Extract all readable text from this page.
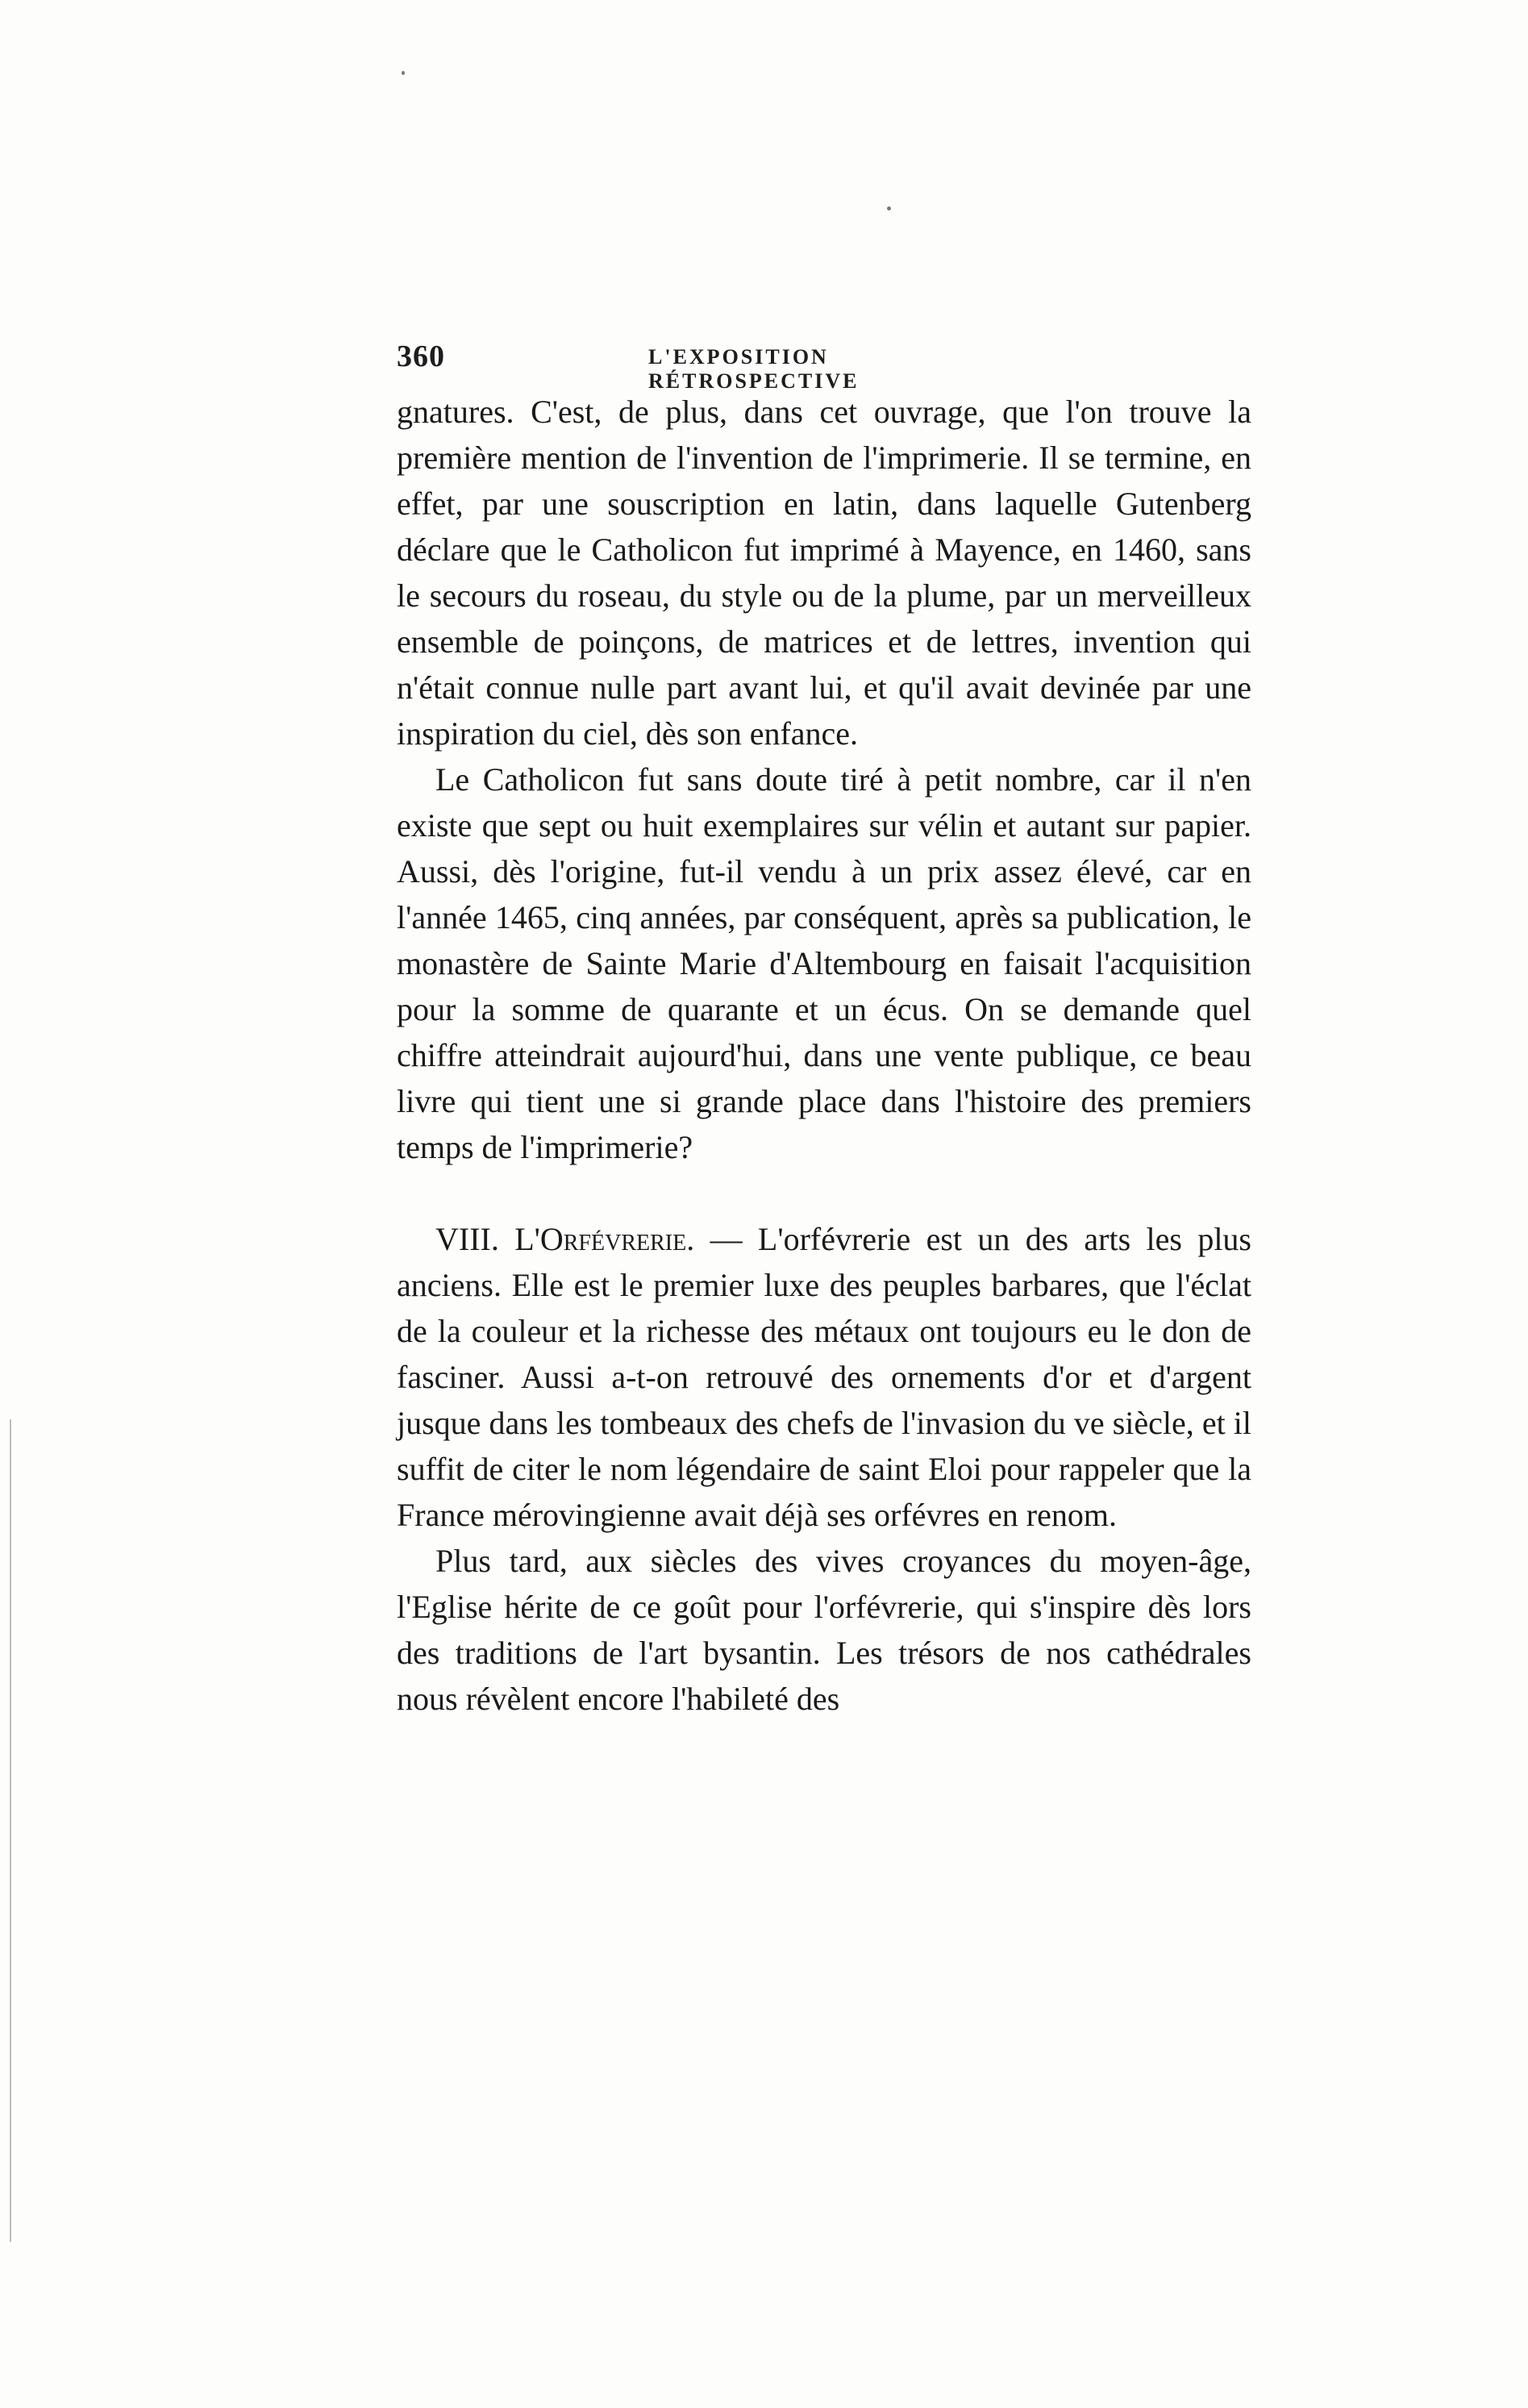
360	L'EXPOSITION RÉTROSPECTIVE

gnatures. C'est, de plus, dans cet ouvrage, que l'on trouve la première mention de l'invention de l'imprimerie. Il se termine, en effet, par une souscription en latin, dans laquelle Gutenberg déclare que le Catholicon fut imprimé à Mayence, en 1460, sans le secours du roseau, du style ou de la plume, par un merveilleux ensemble de poinçons, de matrices et de lettres, invention qui n'était connue nulle part avant lui, et qu'il avait devinée par une inspiration du ciel, dès son enfance.

Le Catholicon fut sans doute tiré à petit nombre, car il n'en existe que sept ou huit exemplaires sur vélin et autant sur papier. Aussi, dès l'origine, fut-il vendu à un prix assez élevé, car en l'année 1465, cinq années, par conséquent, après sa publication, le monastère de Sainte Marie d'Altembourg en faisait l'acquisition pour la somme de quarante et un écus. On se demande quel chiffre atteindrait aujourd'hui, dans une vente publique, ce beau livre qui tient une si grande place dans l'histoire des premiers temps de l'imprimerie?

VIII. L'Orfévrerie. — L'orfévrerie est un des arts les plus anciens. Elle est le premier luxe des peuples barbares, que l'éclat de la couleur et la richesse des métaux ont toujours eu le don de fasciner. Aussi a-t-on retrouvé des ornements d'or et d'argent jusque dans les tombeaux des chefs de l'invasion du ve siècle, et il suffit de citer le nom légendaire de saint Eloi pour rappeler que la France mérovingienne avait déjà ses orfévres en renom.

Plus tard, aux siècles des vives croyances du moyen-âge, l'Eglise hérite de ce goût pour l'orfévrerie, qui s'inspire dès lors des traditions de l'art bysantin. Les trésors de nos cathédrales nous révèlent encore l'habileté des
